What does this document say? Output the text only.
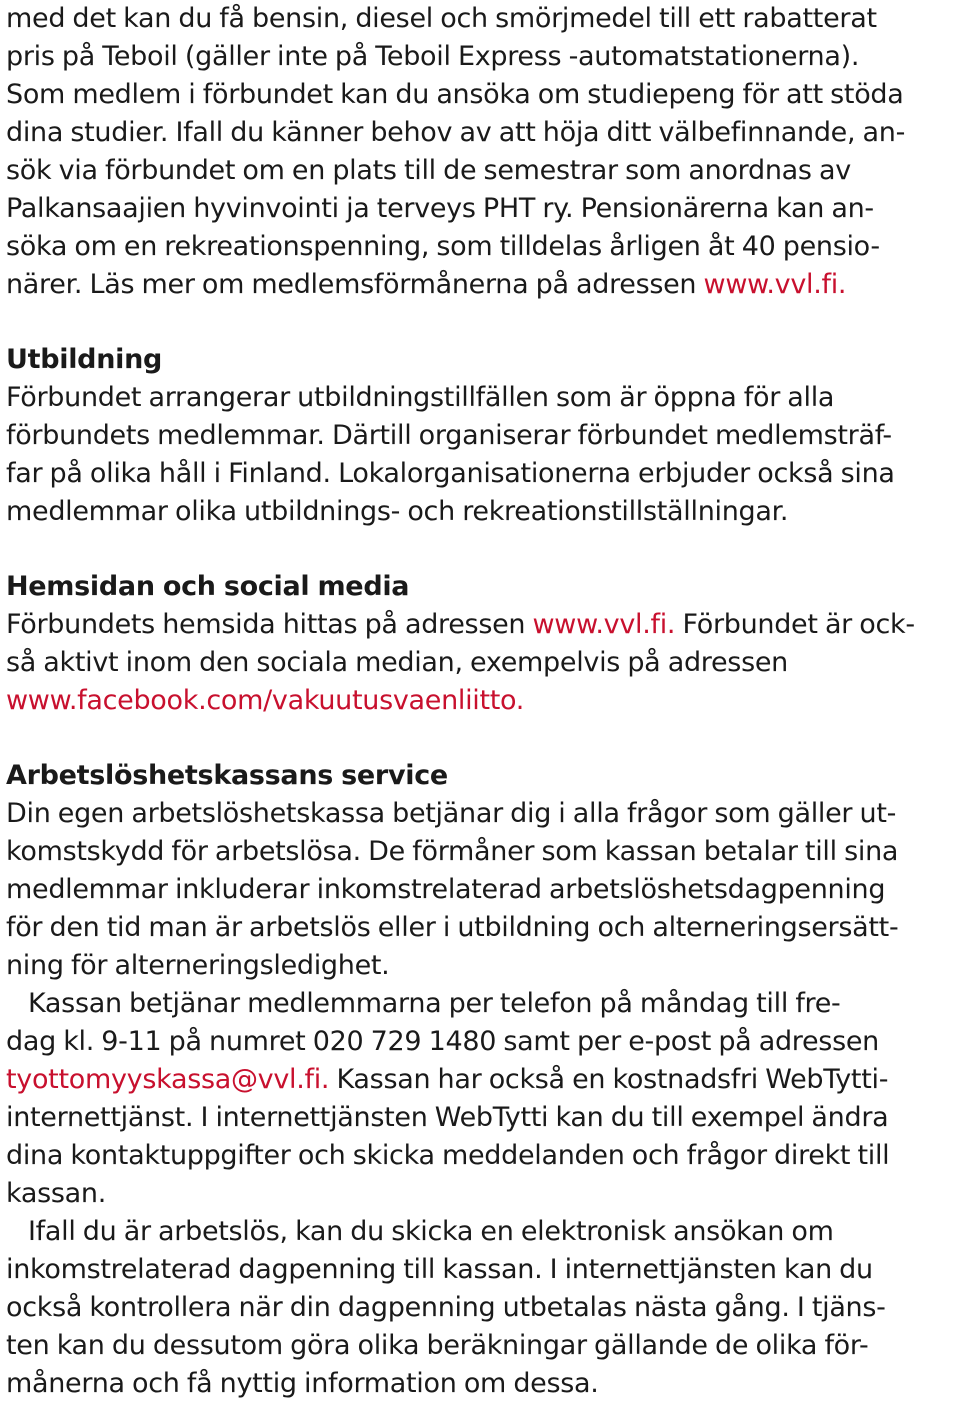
med det kan du få bensin, diesel och smörjmedel till ett rabatterat
pris på Teboil (gäller inte på Teboil Express -automatstationerna).
Som medlem i förbundet kan du ansöka om studiepeng för att stöda
dina studier. Ifall du känner behov av att höja ditt välbefinnande, an-
sök via förbundet om en plats till de semestrar som anordnas av
Palkansaajien hyvinvointi ja terveys PHT ry. Pensionärerna kan an-
söka om en rekreationspenning, som tilldelas årligen åt 40 pensio-
närer. Läs mer om medlemsförmånerna på adressen www.vvl.fi.
Utbildning
Förbundet arrangerar utbildningstillfällen som är öppna för alla
förbundets medlemmar. Därtill organiserar förbundet medlemsträf-
far på olika håll i Finland. Lokalorganisationerna erbjuder också sina
medlemmar olika utbildnings- och rekreationstillställningar.
Hemsidan och social media
Förbundets hemsida hittas på adressen www.vvl.fi. Förbundet är ock-
så aktivt inom den sociala median, exempelvis på adressen
www.facebook.com/vakuutusvaenliitto.
Arbetslöshetskassans service
Din egen arbetslöshetskassa betjänar dig i alla frågor som gäller ut-
komstskydd för arbetslösa. De förmåner som kassan betalar till sina
medlemmar inkluderar inkomstrelaterad arbetslöshetsdagpenning
för den tid man är arbetslös eller i utbildning och alterneringsersätt-
ning för alterneringsledighet.
Kassan betjänar medlemmarna per telefon på måndag till fre-
dag kl. 9-11 på numret 020 729 1480 samt per e-post på adressen
tyottomyyskassa@vvl.fi. Kassan har också en kostnadsfri WebTytti-
internettjänst. I internettjänsten WebTytti kan du till exempel ändra
dina kontaktuppgifter och skicka meddelanden och frågor direkt till
kassan.
Ifall du är arbetslös, kan du skicka en elektronisk ansökan om
inkomstrelaterad dagpenning till kassan. I internettjänsten kan du
också kontrollera när din dagpenning utbetalas nästa gång. I tjäns-
ten kan du dessutom göra olika beräkningar gällande de olika för-
månerna och få nyttig information om dessa.
